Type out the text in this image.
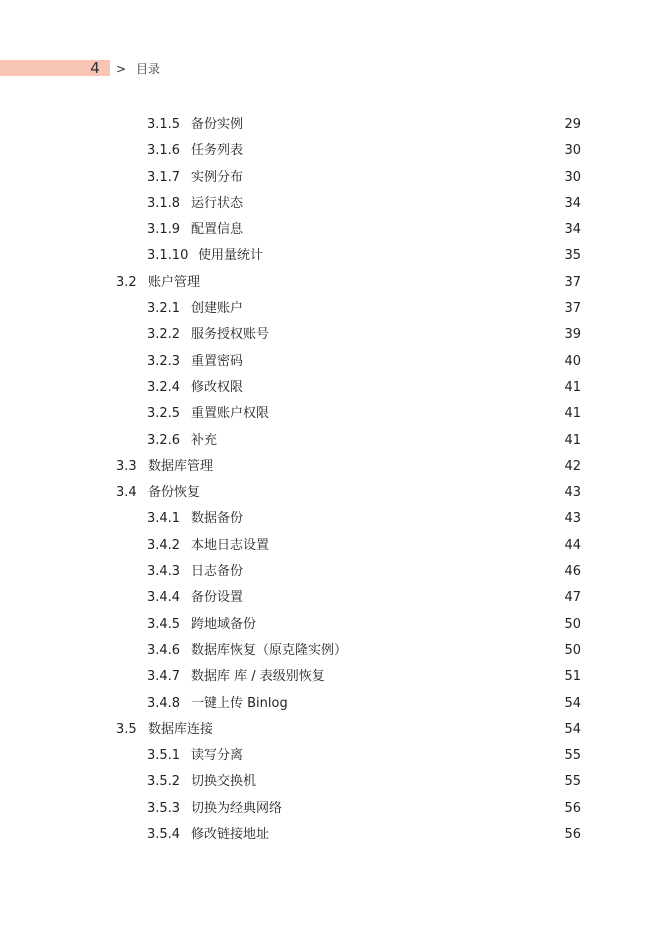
4	> 目录
3.1.5 备份实例	29
3.1.6 任务列表	30
3.1.7 实例分布	30
3.1.8 运行状态	34
3.1.9 配置信息	34
3.1.10 使用量统计	35
3.2 账户管理	37
3.2.1 创建账户	37
3.2.2 服务授权账号	39
3.2.3 重置密码	40
3.2.4 修改权限	41
3.2.5 重置账户权限	41
3.2.6 补充	41
3.3 数据库管理	42
3.4 备份恢复	43
3.4.1 数据备份	43
3.4.2 本地日志设置	44
3.4.3 日志备份	46
3.4.4 备份设置	47
3.4.5 跨地域备份	50
3.4.6 数据库恢复（原克隆实例）	50
3.4.7 数据库 库 / 表级别恢复	51
3.4.8 一键上传 Binlog	54
3.5 数据库连接	54
3.5.1 读写分离	55
3.5.2 切换交换机	55
3.5.3 切换为经典网络	56
3.5.4 修改链接地址	56
